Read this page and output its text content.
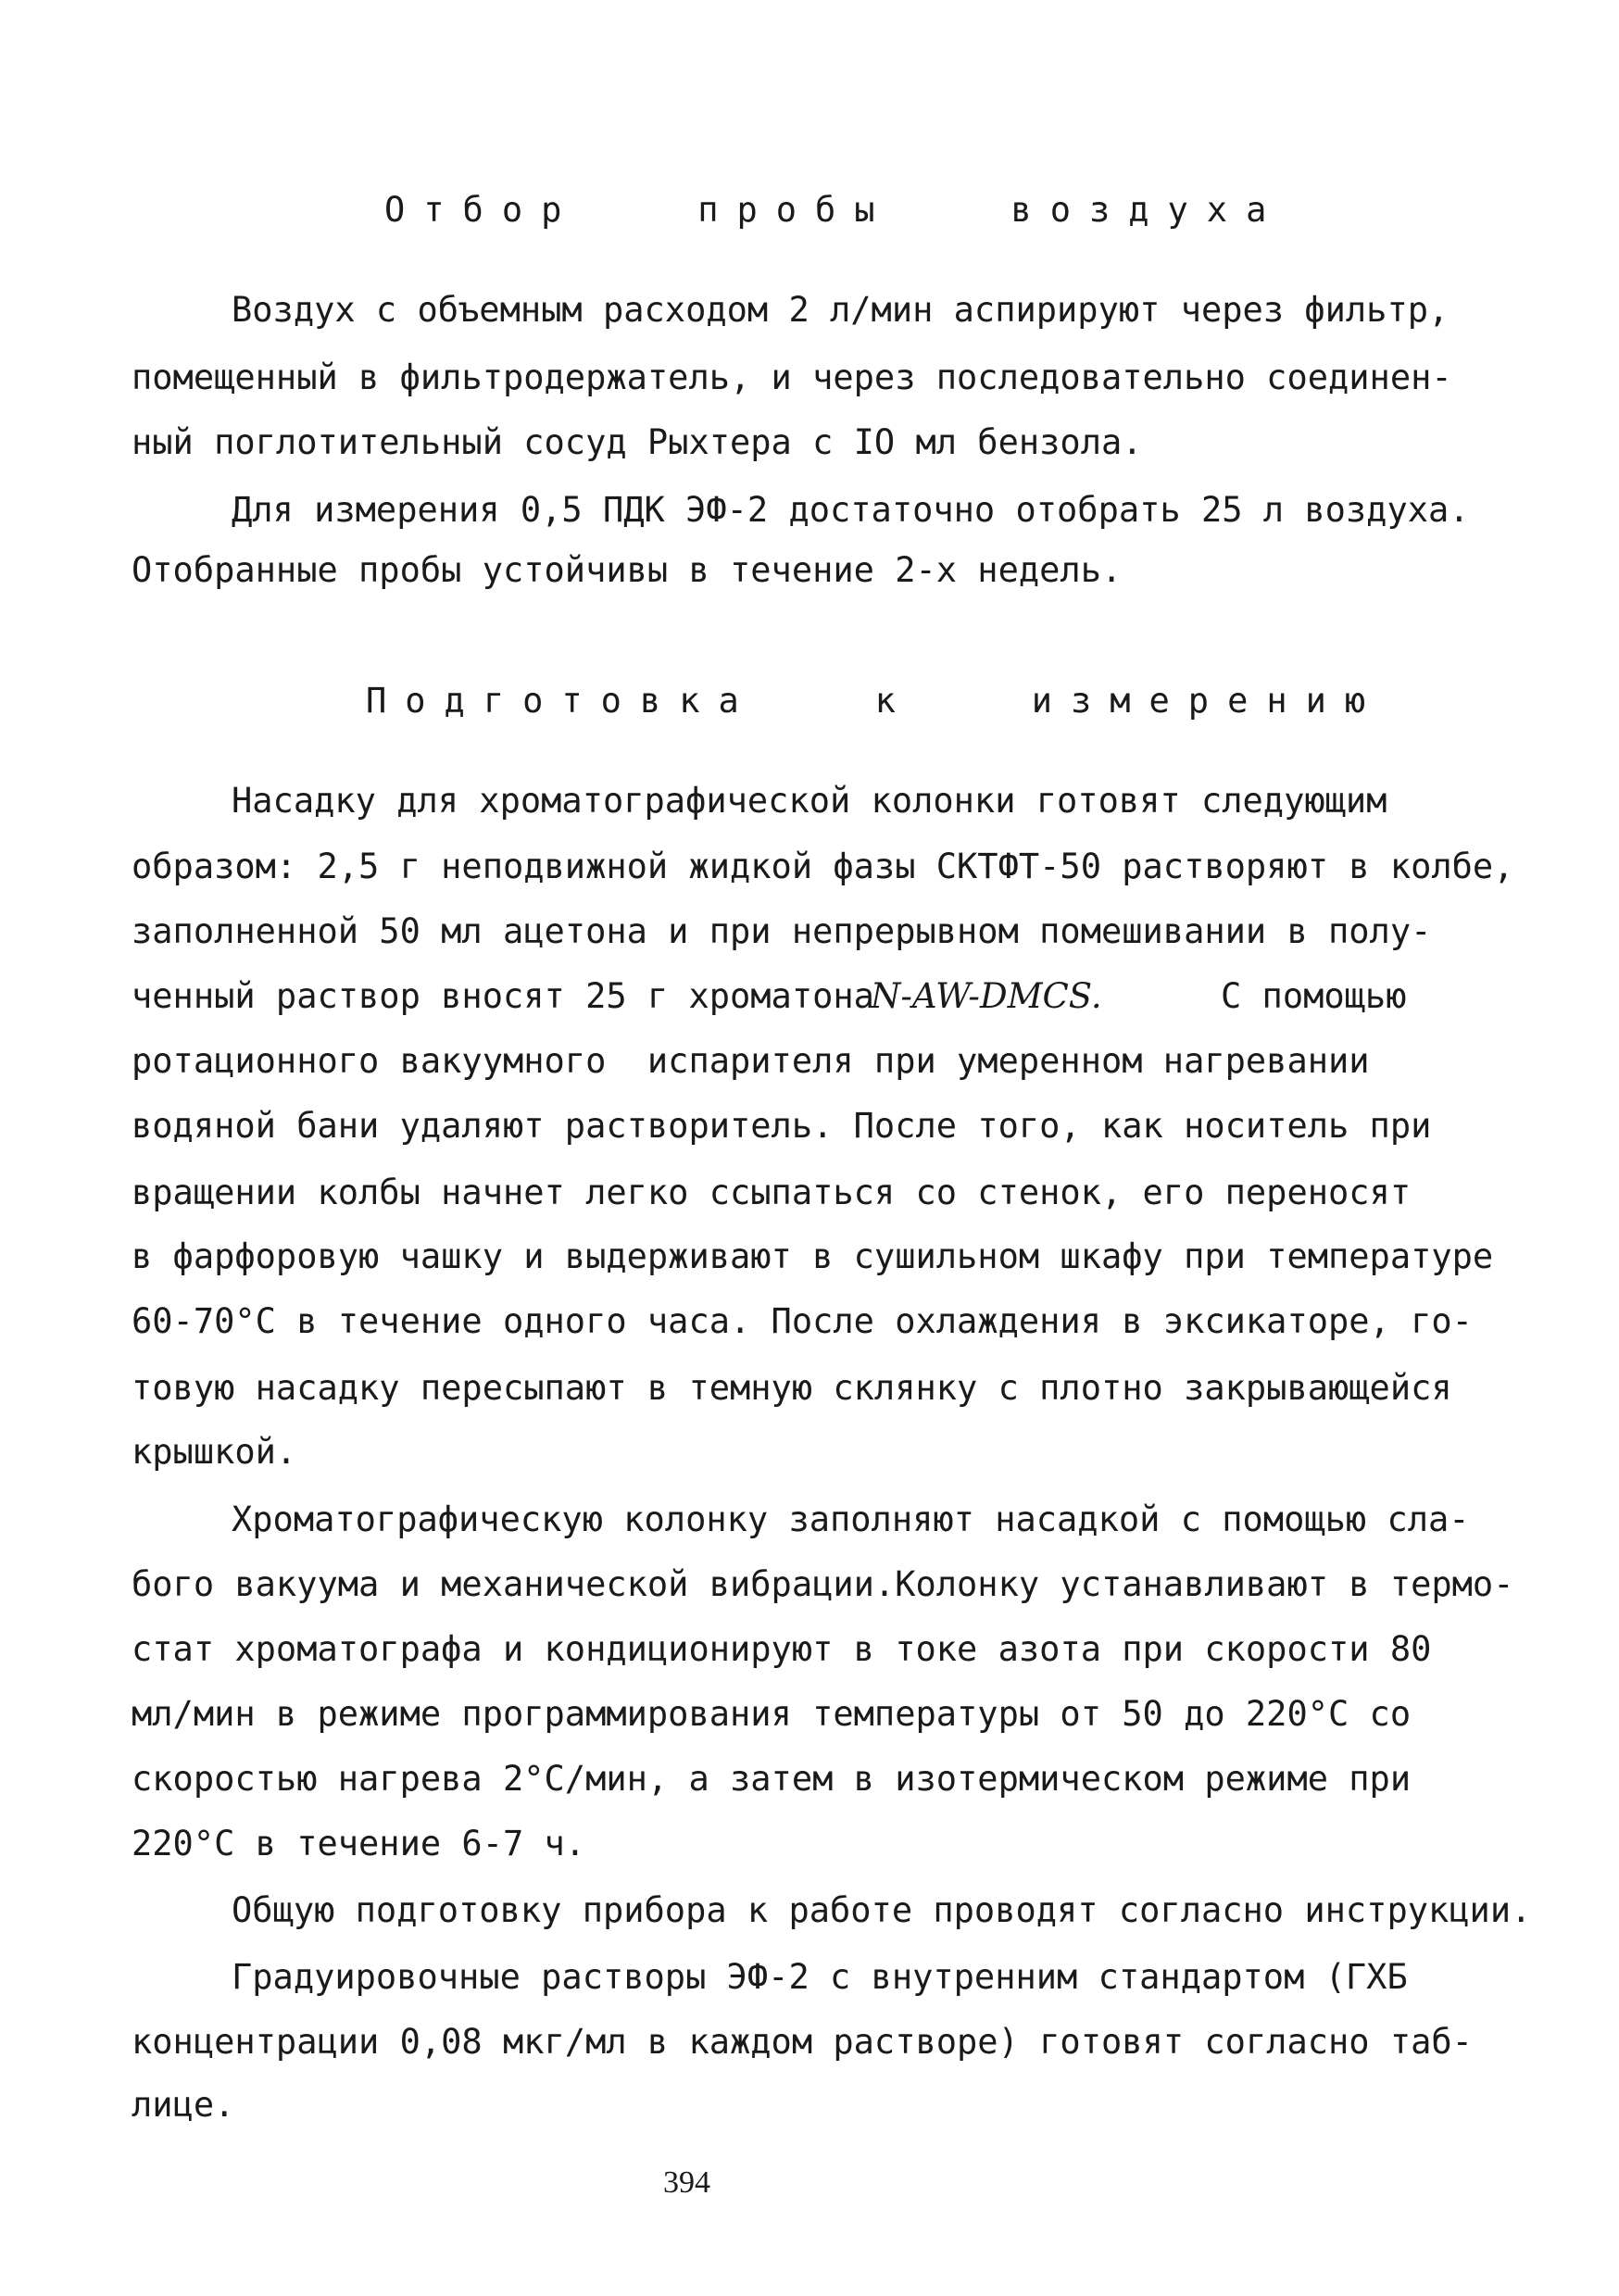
Отбор   пробы   воздуха
Воздух с объемным расходом 2 л/мин аспирируют через фильтр,
помещенный в фильтродержатель, и через последовательно соединен-
ный поглотительный сосуд Рыхтера с IO мл бензола.
Для измерения 0,5 ПДК ЭФ-2 достаточно отобрать 25 л воздуха.
Отобранные пробы устойчивы в течение 2-х недель.
Подготовка   к   измерению
Насадку для хроматографической колонки готовят следующим
образом: 2,5 г неподвижной жидкой фазы СКТФТ-50 растворяют в колбе,
заполненной 50 мл ацетона и при непрерывном помешивании в полу-
ченный раствор вносят 25 г хроматона
N-AW-DMCS.	С помощью
ротационного вакуумного  испарителя при умеренном нагревании
водяной бани удаляют растворитель. После того, как носитель при
вращении колбы начнет легко ссыпаться со стенок, его переносят
в фарфоровую чашку и выдерживают в сушильном шкафу при температуре
60-70°С в течение одного часа. После охлаждения в эксикаторе, го-
товую насадку пересыпают в темную склянку с плотно закрывающейся
крышкой.
Хроматографическую колонку заполняют насадкой с помощью сла-
бого вакуума и механической вибрации.Колонку устанавливают в термо-
стат хроматографа и кондиционируют в токе азота при скорости 80
мл/мин в режиме программирования температуры от 50 до 220°С со
скоростью нагрева 2°С/мин, а затем в изотермическом режиме при
220°С в течение 6-7 ч.
Общую подготовку прибора к работе проводят согласно инструкции.
Градуировочные растворы ЭФ-2 с внутренним стандартом (ГХБ
концентрации 0,08 мкг/мл в каждом растворе) готовят согласно таб-
лице.
394
